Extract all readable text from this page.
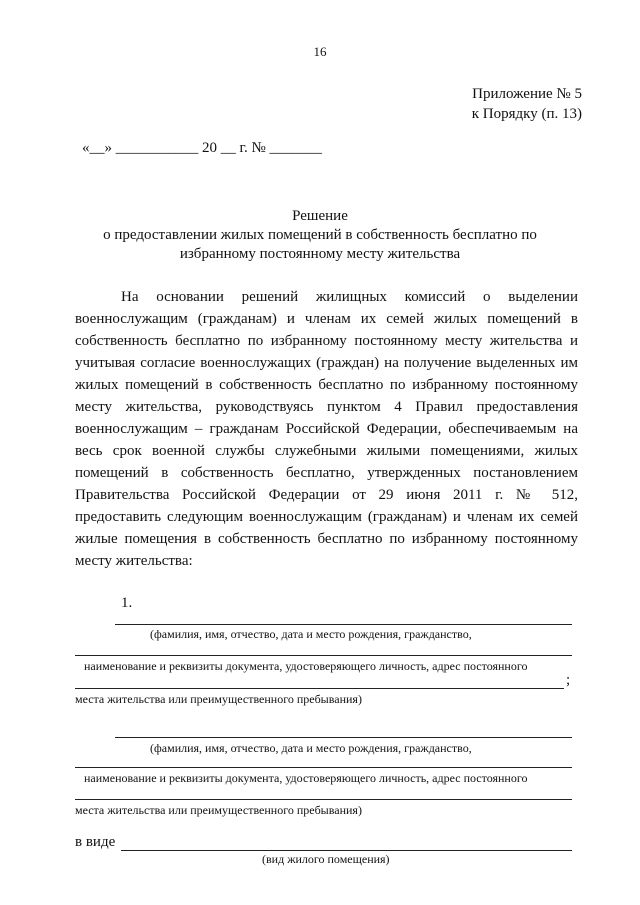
16
Приложение № 5
к Порядку (п. 13)
«__» ___________ 20 __ г. № _______
Решение
о предоставлении жилых помещений в собственность бесплатно по
избранному постоянному месту жительства
На основании решений жилищных комиссий о выделении
военнослужащим (гражданам) и членам их семей жилых помещений в
собственность бесплатно по избранному постоянному месту жительства и
учитывая согласие военнослужащих (граждан) на получение выделенных им
жилых помещений в собственность бесплатно по избранному постоянному
месту жительства, руководствуясь пунктом 4 Правил предоставления
военнослужащим – гражданам Российской Федерации, обеспечиваемым на
весь срок военной службы служебными жилыми помещениями, жилых
помещений в собственность бесплатно, утвержденных постановлением
Правительства Российской Федерации от 29 июня 2011 г. № 512,
предоставить следующим военнослужащим (гражданам) и членам их семей
жилые помещения в собственность бесплатно по избранному постоянному
месту жительства:
1.
(фамилия, имя, отчество, дата и место рождения, гражданство,
наименование и реквизиты документа, удостоверяющего личность, адрес постоянного
;
места жительства или преимущественного пребывания)
(фамилия, имя, отчество, дата и место рождения, гражданство,
наименование и реквизиты документа, удостоверяющего личность, адрес постоянного
места жительства или преимущественного пребывания)
в виде
(вид жилого помещения)
